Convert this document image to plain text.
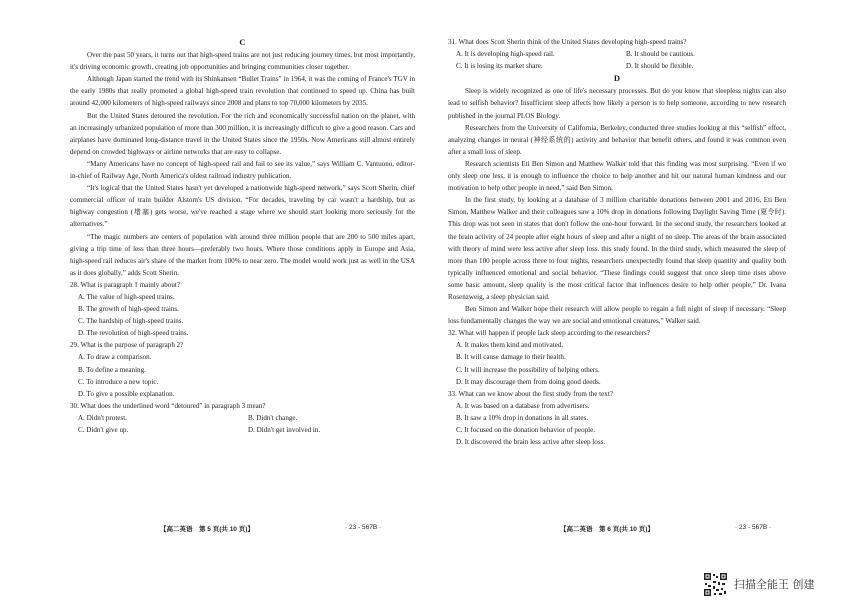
C

Over the past 50 years, it turns out that high-speed trains are not just reducing journey times, but most importantly, it's driving economic growth, creating job opportunities and bringing communities closer together.

Although Japan started the trend with its Shinkansen “Bullet Trains” in 1964, it was the coming of France's TGV in the early 1980s that really promoted a global high-speed train revolution that continued to speed up. China has built around 42,000 kilometers of high-speed railways since 2008 and plans to top 70,000 kilometers by 2035.

But the United States detoured the revolution. For the rich and economically successful nation on the planet, with an increasingly urbanized population of more than 300 million, it is increasingly difficult to give a good reason. Cars and airplanes have dominated long-distance travel in the United States since the 1950s. Now Americans still almost entirely depend on crowded highways or airline networks that are easy to collapse.

“Many Americans have no concept of high-speed rail and fail to see its value,” says William C. Vantuono, editor-in-chief of Railway Age, North America's oldest railroad industry publication.

“It's logical that the United States hasn't yet developed a nationwide high-speed network,” says Scott Sherin, chief commercial officer of train builder Alstom's US division. “For decades, traveling by car wasn't a hardship, but as highway congestion (堵塞) gets worse, we've reached a stage where we should start looking more seriously for the alternatives.”

“The magic numbers are centers of population with around three million people that are 200 to 500 miles apart, giving a trip time of less than three hours—preferably two hours. Where those conditions apply in Europe and Asia, high-speed rail reduces air's share of the market from 100% to near zero. The model would work just as well in the USA as it does globally,” adds Scott Sherin.

28. What is paragraph 1 mainly about?

A. The value of high-speed trains.
B. The growth of high-speed trains.
C. The hardship of high-speed trains.
D. The revolution of high-speed trains.

29. What is the purpose of paragraph 2?

A. To draw a comparison.
B. To define a meaning.
C. To introduce a new topic.
D. To give a possible explanation.

30. What does the underlined word “detoured” in paragraph 3 mean?

A. Didn't protest.	B. Didn't change.
C. Didn't give up.	D. Didn't get involved in.
【高二英语　第 5 页(共 10 页)】	· 23 - 567B ·

31. What does Scott Sherin think of the United States developing high-speed trains?

A. It is developing high-speed rail.	B. It should be cautious.
C. It is losing its market share.	D. It should be flexible.
D

Sleep is widely recognized as one of life's necessary processes. But do you know that sleepless nights can also lead to selfish behavior? Insufficient sleep affects how likely a person is to help someone, according to new research published in the journal PLOS Biology.

Researchers from the University of California, Berkeley, conducted three studies looking at this “selfish” effect, analyzing changes in neural (神经系统的) activity and behavior that benefit others, and found it was common even after a small loss of sleep.

Research scientists Eti Ben Simon and Matthew Walker told that this finding was most surprising. “Even if we only sleep one less, it is enough to influence the choice to help another and hit our natural human kindness and our motivation to help other people in need,” said Ben Simon.

In the first study, by looking at a database of 3 million charitable donations between 2001 and 2016, Eti Ben Simon, Matthew Walker and their colleagues saw a 10% drop in donations following Daylight Saving Time (夏令时). This drop was not seen in states that don't follow the one-hour forward. In the second study, the researchers looked at the brain activity of 24 people after eight hours of sleep and after a night of no sleep. The areas of the brain associated with theory of mind were less active after sleep loss. this study found. In the third study, which measured the sleep of more than 100 people across three to four nights, researchers unexpectedly found that sleep quantity and quality both typically influenced emotional and social behavior. “These findings could suggest that once sleep time rises above some basic amount, sleep quality is the most critical factor that influences desire to help other people,” Dr. Ivana Rosenzweig, a sleep physician said.

Ben Simon and Walker hope their research will allow people to regain a full night of sleep if necessary. “Sleep loss fundamentally changes the way we are social and emotional creatures,” Walker said.

32. What will happen if people lack sleep according to the researchers?

A. It makes them kind and motivated.
B. It will cause damage to their health.
C. It will increase the possibility of helping others.
D. It may discourage them from doing good deeds.

33. What can we know about the first study from the text?

A. It was based on a database from advertisers.
B. It saw a 10% drop in donations in all states.
C. It focused on the donation behavior of people.
D. It discovered the brain less active after sleep loss.
【高二英语　第 6 页(共 10 页)】	· 23 - 567B ·
扫描全能王 创建
